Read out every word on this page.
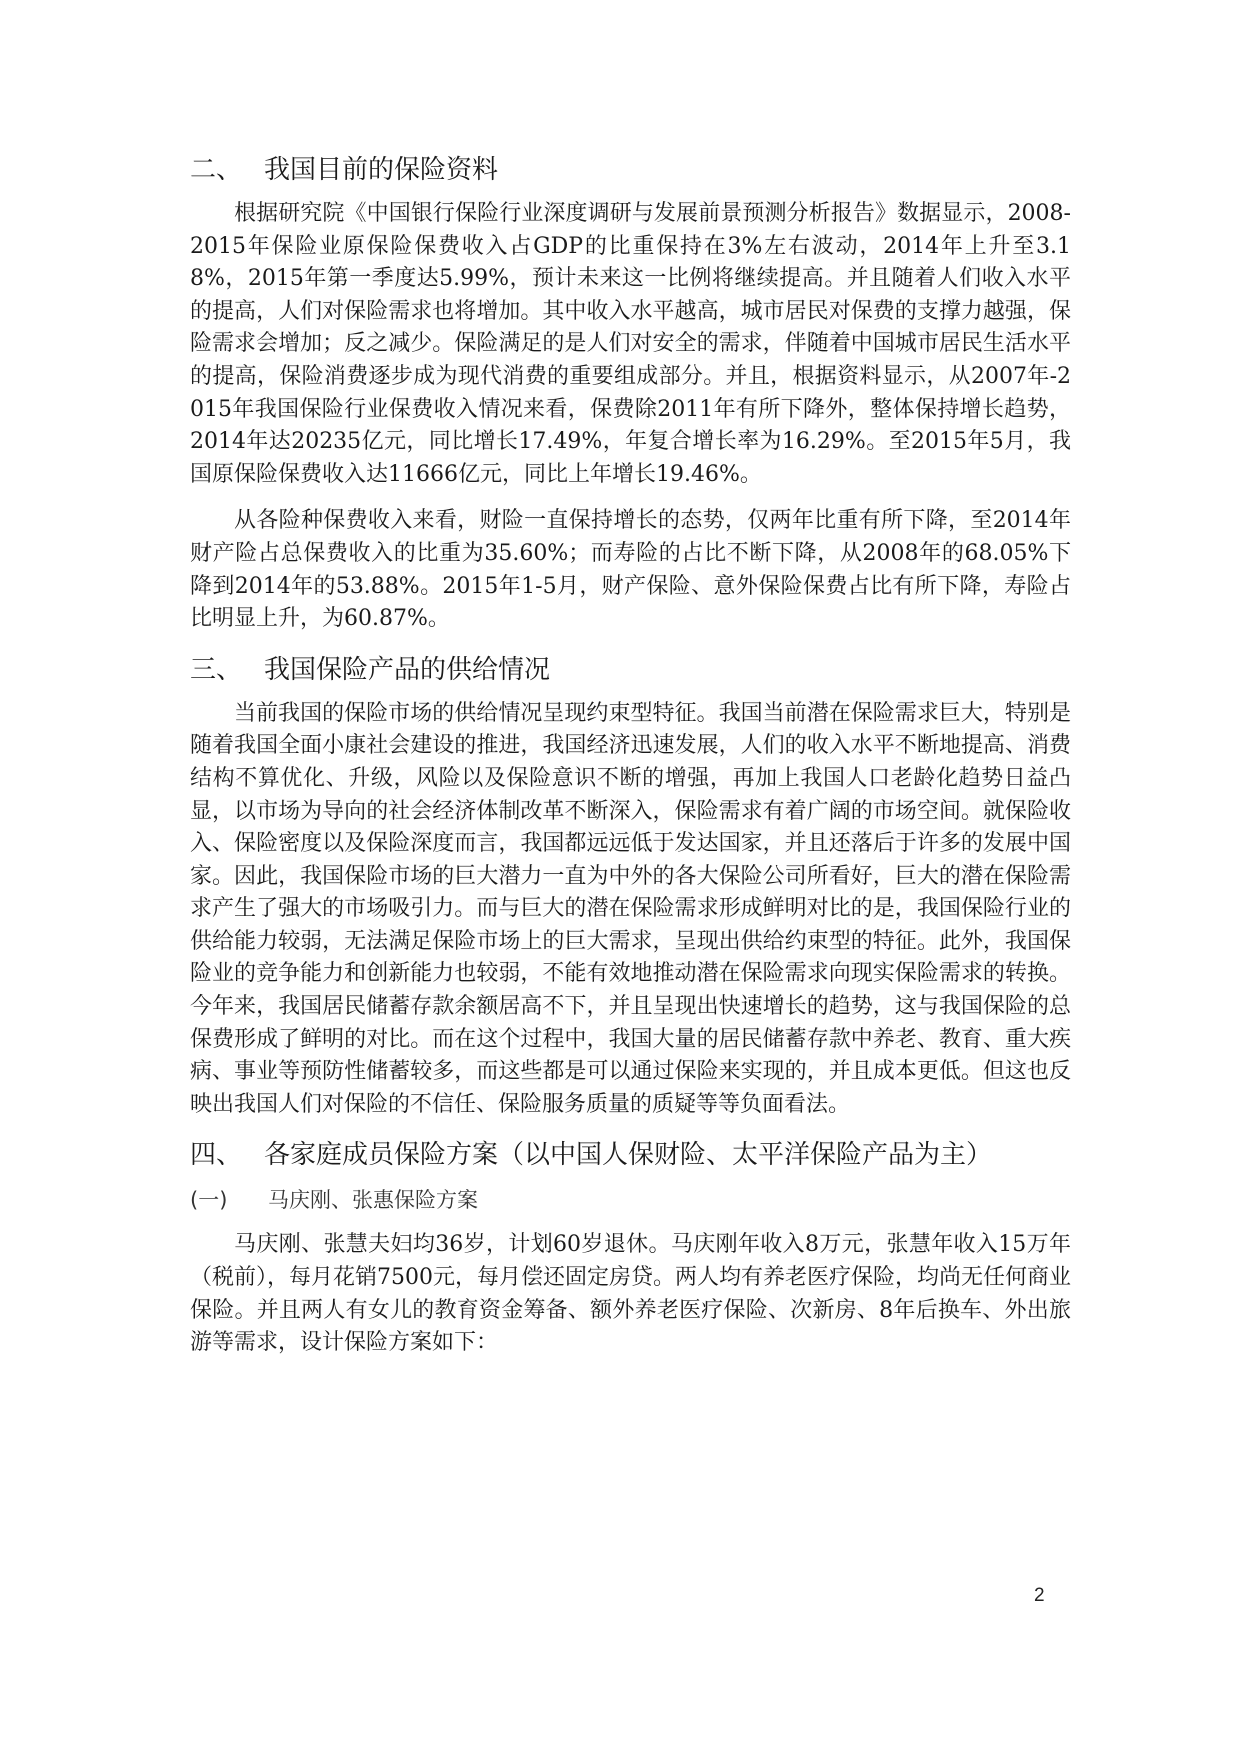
二、 我国目前的保险资料

根据研究院《中国银行保险行业深度调研与发展前景预测分析报告》数据显示，2008-2015年保险业原保险保费收入占GDP的比重保持在3%左右波动，2014年上升至3.18%，2015年第一季度达5.99%，预计未来这一比例将继续提高。并且随着人们收入水平的提高，人们对保险需求也将增加。其中收入水平越高，城市居民对保费的支撑力越强，保险需求会增加；反之减少。保险满足的是人们对安全的需求，伴随着中国城市居民生活水平的提高，保险消费逐步成为现代消费的重要组成部分。并且，根据资料显示，从2007年-2015年我国保险行业保费收入情况来看，保费除2011年有所下降外，整体保持增长趋势，2014年达20235亿元，同比增长17.49%，年复合增长率为16.29%。至2015年5月，我国原保险保费收入达11666亿元，同比上年增长19.46%。

从各险种保费收入来看，财险一直保持增长的态势，仅两年比重有所下降，至2014年财产险占总保费收入的比重为35.60%；而寿险的占比不断下降，从2008年的68.05%下降到2014年的53.88%。2015年1-5月，财产保险、意外保险保费占比有所下降，寿险占比明显上升，为60.87%。

三、 我国保险产品的供给情况

当前我国的保险市场的供给情况呈现约束型特征。我国当前潜在保险需求巨大，特别是随着我国全面小康社会建设的推进，我国经济迅速发展，人们的收入水平不断地提高、消费结构不算优化、升级，风险以及保险意识不断的增强，再加上我国人口老龄化趋势日益凸显，以市场为导向的社会经济体制改革不断深入，保险需求有着广阔的市场空间。就保险收入、保险密度以及保险深度而言，我国都远远低于发达国家，并且还落后于许多的发展中国家。因此，我国保险市场的巨大潜力一直为中外的各大保险公司所看好，巨大的潜在保险需求产生了强大的市场吸引力。而与巨大的潜在保险需求形成鲜明对比的是，我国保险行业的供给能力较弱，无法满足保险市场上的巨大需求，呈现出供给约束型的特征。此外，我国保险业的竞争能力和创新能力也较弱，不能有效地推动潜在保险需求向现实保险需求的转换。今年来，我国居民储蓄存款余额居高不下，并且呈现出快速增长的趋势，这与我国保险的总保费形成了鲜明的对比。而在这个过程中，我国大量的居民储蓄存款中养老、教育、重大疾病、事业等预防性储蓄较多，而这些都是可以通过保险来实现的，并且成本更低。但这也反映出我国人们对保险的不信任、保险服务质量的质疑等等负面看法。

四、 各家庭成员保险方案（以中国人保财险、太平洋保险产品为主）
(一)	马庆刚、张惠保险方案

马庆刚、张慧夫妇均36岁，计划60岁退休。马庆刚年收入8万元，张慧年收入15万年（税前），每月花销7500元，每月偿还固定房贷。两人均有养老医疗保险，均尚无任何商业保险。并且两人有女儿的教育资金筹备、额外养老医疗保险、次新房、8年后换车、外出旅游等需求，设计保险方案如下：

2
